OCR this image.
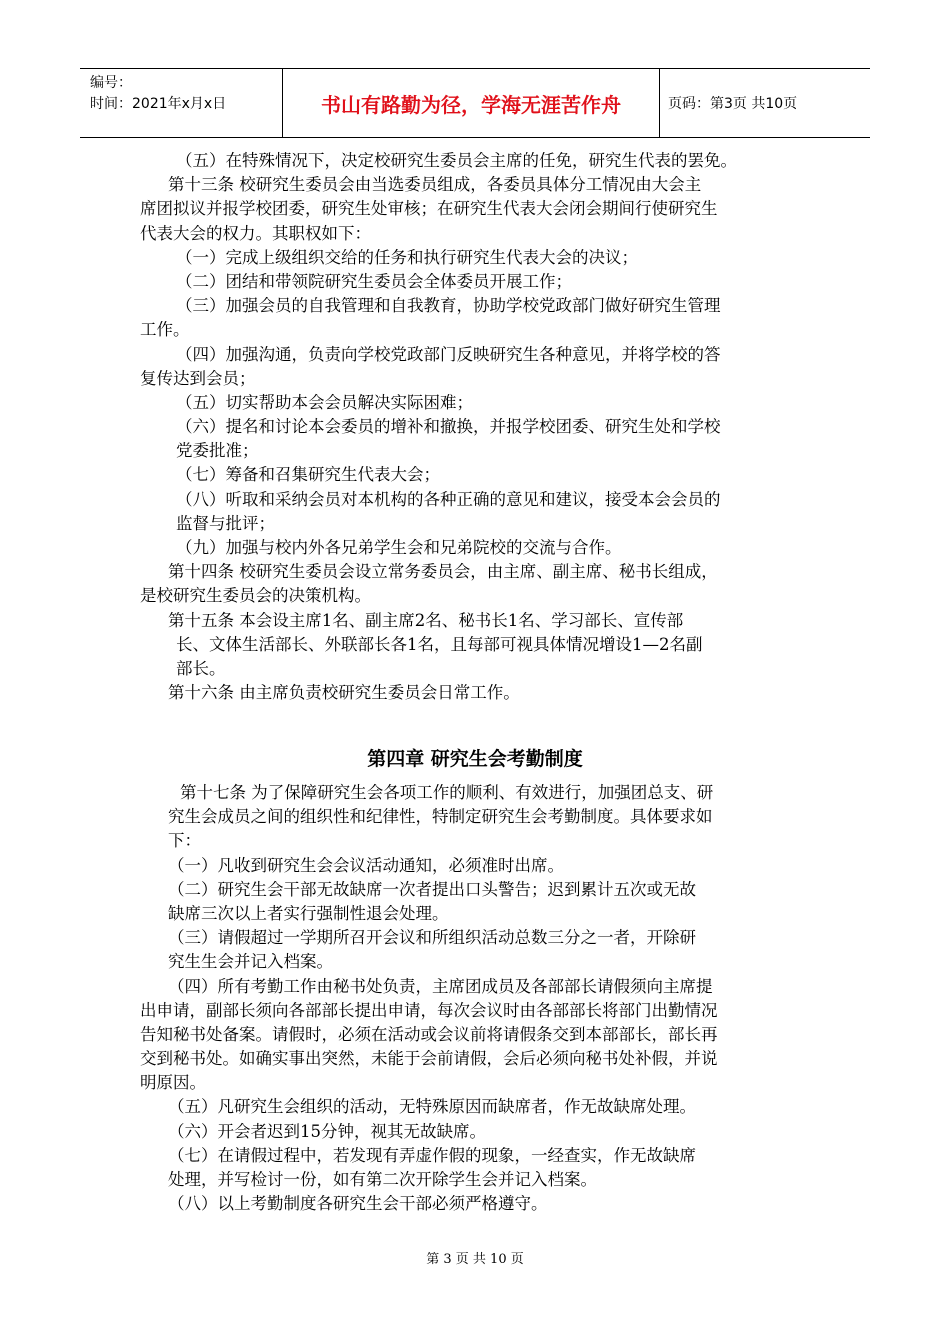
编号：
时间：2021年x月x日	书山有路勤为径，学海无涯苦作舟	页码：第3页 共10页
（五）在特殊情况下，决定校研究生委员会主席的任免，研究生代表的罢免。
第十三条 校研究生委员会由当选委员组成，各委员具体分工情况由大会主
席团拟议并报学校团委，研究生处审核；在研究生代表大会闭会期间行使研究生
代表大会的权力。其职权如下：
（一）完成上级组织交给的任务和执行研究生代表大会的决议；
（二）团结和带领院研究生委员会全体委员开展工作；
（三）加强会员的自我管理和自我教育，协助学校党政部门做好研究生管理
工作。
（四）加强沟通，负责向学校党政部门反映研究生各种意见，并将学校的答
复传达到会员；
（五）切实帮助本会会员解决实际困难；
（六）提名和讨论本会委员的增补和撤换，并报学校团委、研究生处和学校
党委批准；
（七）筹备和召集研究生代表大会；
（八）听取和采纳会员对本机构的各种正确的意见和建议，接受本会会员的
监督与批评；
（九）加强与校内外各兄弟学生会和兄弟院校的交流与合作。
第十四条 校研究生委员会设立常务委员会，由主席、副主席、秘书长组成，
是校研究生委员会的决策机构。
第十五条 本会设主席1名、副主席2名、秘书长1名、学习部长、宣传部
长、文体生活部长、外联部长各1名，且每部可视具体情况增设1—2名副
部长。
第十六条 由主席负责校研究生委员会日常工作。
第四章 研究生会考勤制度
第十七条 为了保障研究生会各项工作的顺利、有效进行，加强团总支、研
究生会成员之间的组织性和纪律性，特制定研究生会考勤制度。具体要求如
下：
（一）凡收到研究生会会议活动通知，必须准时出席。
（二）研究生会干部无故缺席一次者提出口头警告；迟到累计五次或无故
缺席三次以上者实行强制性退会处理。
（三）请假超过一学期所召开会议和所组织活动总数三分之一者，开除研
究生生会并记入档案。
（四）所有考勤工作由秘书处负责，主席团成员及各部部长请假须向主席提
出申请，副部长须向各部部长提出申请，每次会议时由各部部长将部门出勤情况
告知秘书处备案。请假时，必须在活动或会议前将请假条交到本部部长，部长再
交到秘书处。如确实事出突然，未能于会前请假，会后必须向秘书处补假，并说
明原因。
（五）凡研究生会组织的活动，无特殊原因而缺席者，作无故缺席处理。
（六）开会者迟到15分钟，视其无故缺席。
（七）在请假过程中，若发现有弄虚作假的现象，一经查实，作无故缺席
处理，并写检讨一份，如有第二次开除学生会并记入档案。
（八）以上考勤制度各研究生会干部必须严格遵守。
第 3 页 共 10 页
